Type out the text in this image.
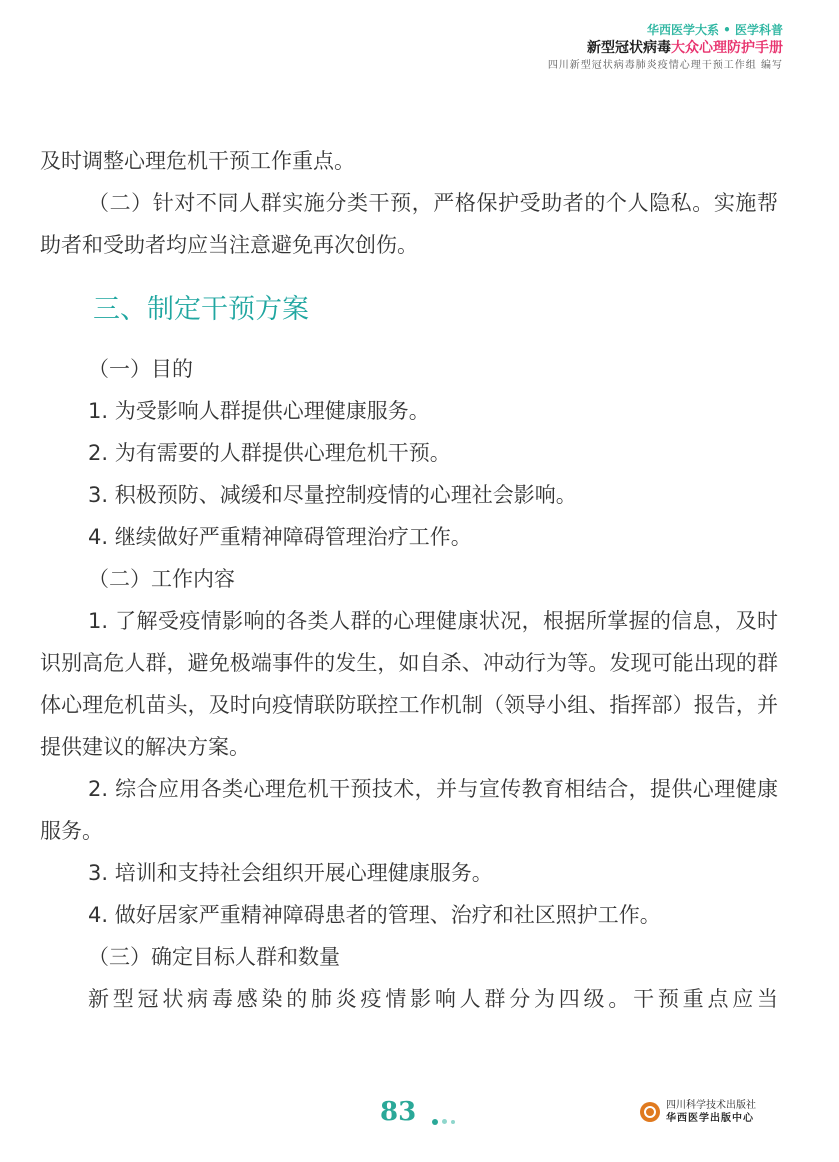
华西医学大系 • 医学科普
新型冠状病毒大众心理防护手册
四川新型冠状病毒肺炎疫情心理干预工作组 编写

及时调整心理危机干预工作重点。

（二）针对不同人群实施分类干预，严格保护受助者的个人隐私。实施帮助者和受助者均应当注意避免再次创伤。

三、制定干预方案

（一）目的

1. 为受影响人群提供心理健康服务。

2. 为有需要的人群提供心理危机干预。

3. 积极预防、减缓和尽量控制疫情的心理社会影响。

4. 继续做好严重精神障碍管理治疗工作。

（二）工作内容

1. 了解受疫情影响的各类人群的心理健康状况，根据所掌握的信息，及时识别高危人群，避免极端事件的发生，如自杀、冲动行为等。发现可能出现的群体心理危机苗头，及时向疫情联防联控工作机制（领导小组、指挥部）报告，并提供建议的解决方案。

2. 综合应用各类心理危机干预技术，并与宣传教育相结合，提供心理健康服务。

3. 培训和支持社会组织开展心理健康服务。

4. 做好居家严重精神障碍患者的管理、治疗和社区照护工作。

（三）确定目标人群和数量

新型冠状病毒感染的肺炎疫情影响人群分为四级。干预重点应当

83	四川科学技术出版社
华西医学出版中心
